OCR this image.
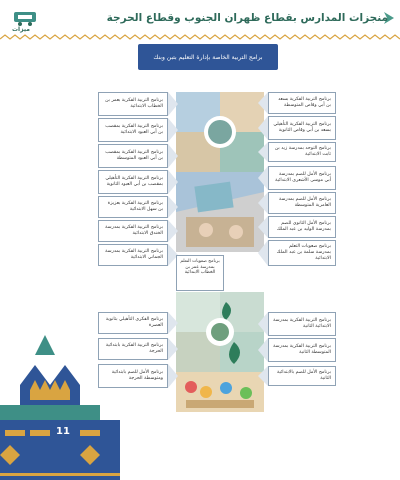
منجزات المدارس بقطاع ظهران الجنوب وقطاع الحرجة
ميزات
برامج التربية الخاصة بإدارة التعليم بتبن وبنك
برنامج التربية الفكرية بعمر بن الخطاب الابتدائية
برنامج التربية الفكرية بمقصب بن أبي العبود الابتدائية
برنامج التربية الفكرية بمقصب بن أبي العبود المتوسطة
برنامج التربية الفكرية التأهيلي بمقصب بن أبي العبود الثانوية
برنامج التربية الفكرية بعزيزة بن سهل الابتدائية
برنامج التربية الفكرية بمدرسة الخندق الابتدائية
برنامج التربية الفكرية بمدرسة الجماني الابتدائية
برنامج التربية الفكرية بسعد بن أبي وقاص المتوسطة
برنامج التربية الفكرية التأهيلي بسعد بن أبي وقاص الثانوية
برنامج التوحد بمدرسة زيد بن ثابت الابتدائية
برنامج الأمل للصم بمدرسة أبي موسى الأشعري الابتدائية
برنامج الأمل للصم بمدرسة العامرية المتوسطة
برنامج الأمل الثانوي للصم بمدرسة الوليد بن عبد الملك
برنامج صعوبات التعلم بمدرسة سلمة بن عبد الملك الابتدائية
برنامج صعوبات التعلم بمدرسة عمر بن الخطاب الابتدائية
برنامج الفكري التأهيلي بثانوية العصرة
برنامج التربية الفكرية بابتدائية الحرجة
برنامج الأمل للصم بابتدائية ومتوسطة الحرجة
برنامج التربية الفكرية بمدرسة الابتدائية الثانية
برنامج التربية الفكرية بمدرسة المتوسطة الثانية
برنامج الأمل للصم بالابتدائية الثانية
11
